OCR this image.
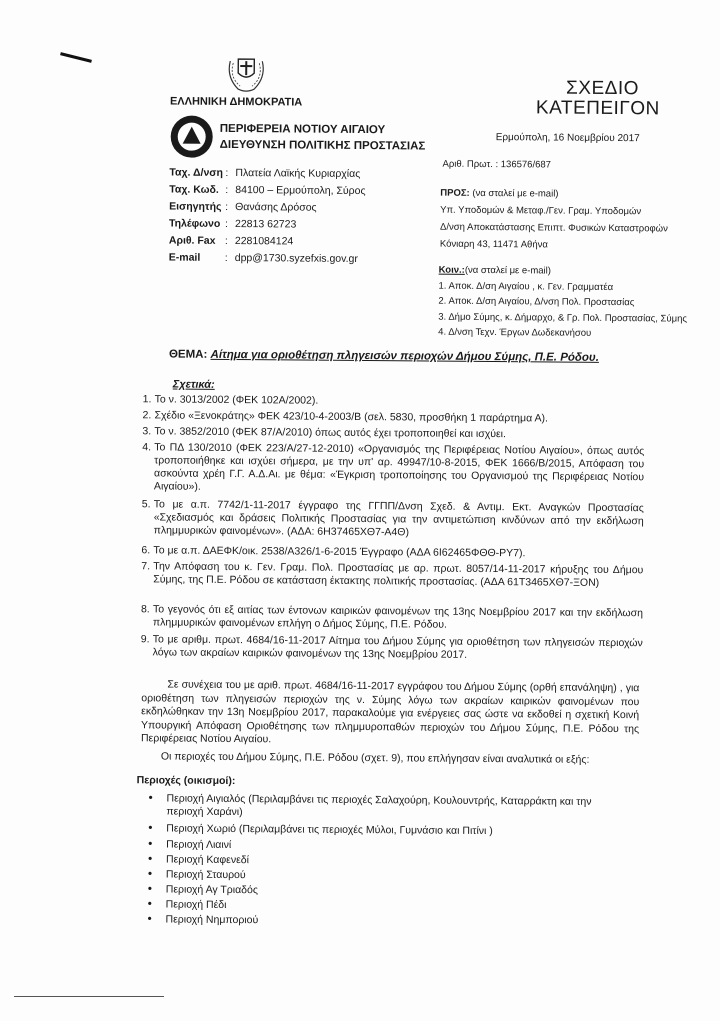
ΕΛΛΗΝΙΚΗ ΔΗΜΟΚΡΑΤΙΑ
ΠΕΡΙΦΕΡΕΙΑ ΝΟΤΙΟΥ ΑΙΓΑΙΟΥ
ΔΙΕΥΘΥΝΣΗ ΠΟΛΙΤΙΚΗΣ ΠΡΟΣΤΑΣΙΑΣ
Ταχ. Δ/νση : Πλατεία Λαϊκής Κυριαρχίας
Ταχ. Κωδ. : 84100 – Ερμούπολη, Σύρος
Εισηγητής : Θανάσης Δρόσος
Τηλέφωνο : 22813 62723
Αριθ. Fax : 2281084124
E-mail : dpp@1730.syzefxis.gov.gr
ΣΧΕΔΙΟ
ΚΑΤΕΠΕΙΓΟΝ
Ερμούπολη, 16 Νοεμβρίου 2017
Αριθ. Πρωτ. : 136576/687
ΠΡΟΣ: (να σταλεί με e-mail)
Υπ. Υποδομών & Μεταφ./Γεν. Γραμ. Υποδομών
Δ/νση Αποκατάστασης Επιπτ. Φυσικών Καταστροφών
Κόνιαρη 43, 11471 Αθήνα
Κοιν.:(να σταλεί με e-mail)
1. Αποκ. Δ/ση Αιγαίου , κ. Γεν. Γραμματέα
2. Αποκ. Δ/ση Αιγαίου, Δ/νση Πολ. Προστασίας
3. Δήμο Σύμης, κ. Δήμαρχο, & Γρ. Πολ. Προστασίας, Σύμης
4. Δ/νση Τεχν. Έργων Δωδεκανήσου
ΘΕΜΑ: Αίτημα για οριοθέτηση πληγεισών περιοχών Δήμου Σύμης, Π.Ε. Ρόδου.
Σχετικά:
1. Το ν. 3013/2002 (ΦΕΚ 102Α/2002).
2. Σχέδιο «Ξενοκράτης» ΦΕΚ 423/10-4-2003/Β (σελ. 5830, προσθήκη 1 παράρτημα Α).
3. Το ν. 3852/2010 (ΦΕΚ 87/Α/2010) όπως αυτός έχει τροποποιηθεί και ισχύει.
4. Το ΠΔ 130/2010 (ΦΕΚ 223/Α/27-12-2010) «Οργανισμός της Περιφέρειας Νοτίου Αιγαίου», όπως αυτός τροποποιήθηκε και ισχύει σήμερα, με την υπ' αρ. 49947/10-8-2015, ΦΕΚ 1666/Β/2015, Απόφαση του ασκούντα χρέη Γ.Γ. Α.Δ.Αι. με θέμα: «Έγκριση τροποποίησης του Οργανισμού της Περιφέρειας Νοτίου Αιγαίου»).
5. Το με α.π. 7742/1-11-2017 έγγραφο της ΓΓΠΠ/Δνση Σχεδ. & Αντιμ. Εκτ. Αναγκών Προστασίας «Σχεδιασμός και δράσεις Πολιτικής Προστασίας για την αντιμετώπιση κινδύνων από την εκδήλωση πλημμυρικών φαινομένων». (ΑΔΑ: 6Η37465ΧΘ7-Α4Θ)
6. Το με α.π. ΔΑΕΦΚ/οικ. 2538/Α326/1-6-2015 Έγγραφο (ΑΔΑ 6Ι62465ΦΘΘ-ΡΥ7).
7. Την Απόφαση του κ. Γεν. Γραμ. Πολ. Προστασίας με αρ. πρωτ. 8057/14-11-2017 κήρυξης του Δήμου Σύμης, της Π.Ε. Ρόδου σε κατάσταση έκτακτης πολιτικής προστασίας. (ΑΔΑ 61Τ3465ΧΘ7-ΞΟΝ)
8. Το γεγονός ότι εξ αιτίας των έντονων καιρικών φαινομένων της 13ης Νοεμβρίου 2017 και την εκδήλωση πλημμυρικών φαινομένων επλήγη ο Δήμος Σύμης, Π.Ε. Ρόδου.
9. Το με αριθμ. πρωτ. 4684/16-11-2017 Αίτημα του Δήμου Σύμης για οριοθέτηση των πληγεισών περιοχών λόγω των ακραίων καιρικών φαινομένων της 13ης Νοεμβρίου 2017.
Σε συνέχεια του με αριθ. πρωτ. 4684/16-11-2017 εγγράφου του Δήμου Σύμης (ορθή επανάληψη) , για οριοθέτηση των πληγεισών περιοχών της ν. Σύμης λόγω των ακραίων καιρικών φαινομένων που εκδηλώθηκαν την 13η Νοεμβρίου 2017, παρακαλούμε για ενέργειες σας ώστε να εκδοθεί η σχετική Κοινή Υπουργική Απόφαση Οριοθέτησης των πλημμυροπαθών περιοχών του Δήμου Σύμης, Π.Ε. Ρόδου της Περιφέρειας Νοτίου Αιγαίου.
Οι περιοχές του Δήμου Σύμης, Π.Ε. Ρόδου (σχετ. 9), που επλήγησαν είναι αναλυτικά οι εξής:
Περιοχές (οικισμοί):
• Περιοχή Αιγιαλός (Περιλαμβάνει τις περιοχές Σαλαχούρη, Κουλουντρής, Καταρράκτη και την περιοχή Χαράνι)
• Περιοχή Χωριό (Περιλαμβάνει τις περιοχές Μύλοι, Γυμνάσιο και Πιτίνι )
• Περιοχή Λιαινί
• Περιοχή Καφενεδί
• Περιοχή Σταυρού
• Περιοχή Αγ Τριαδός
• Περιοχή Πέδι
• Περιοχή Νημποριού
